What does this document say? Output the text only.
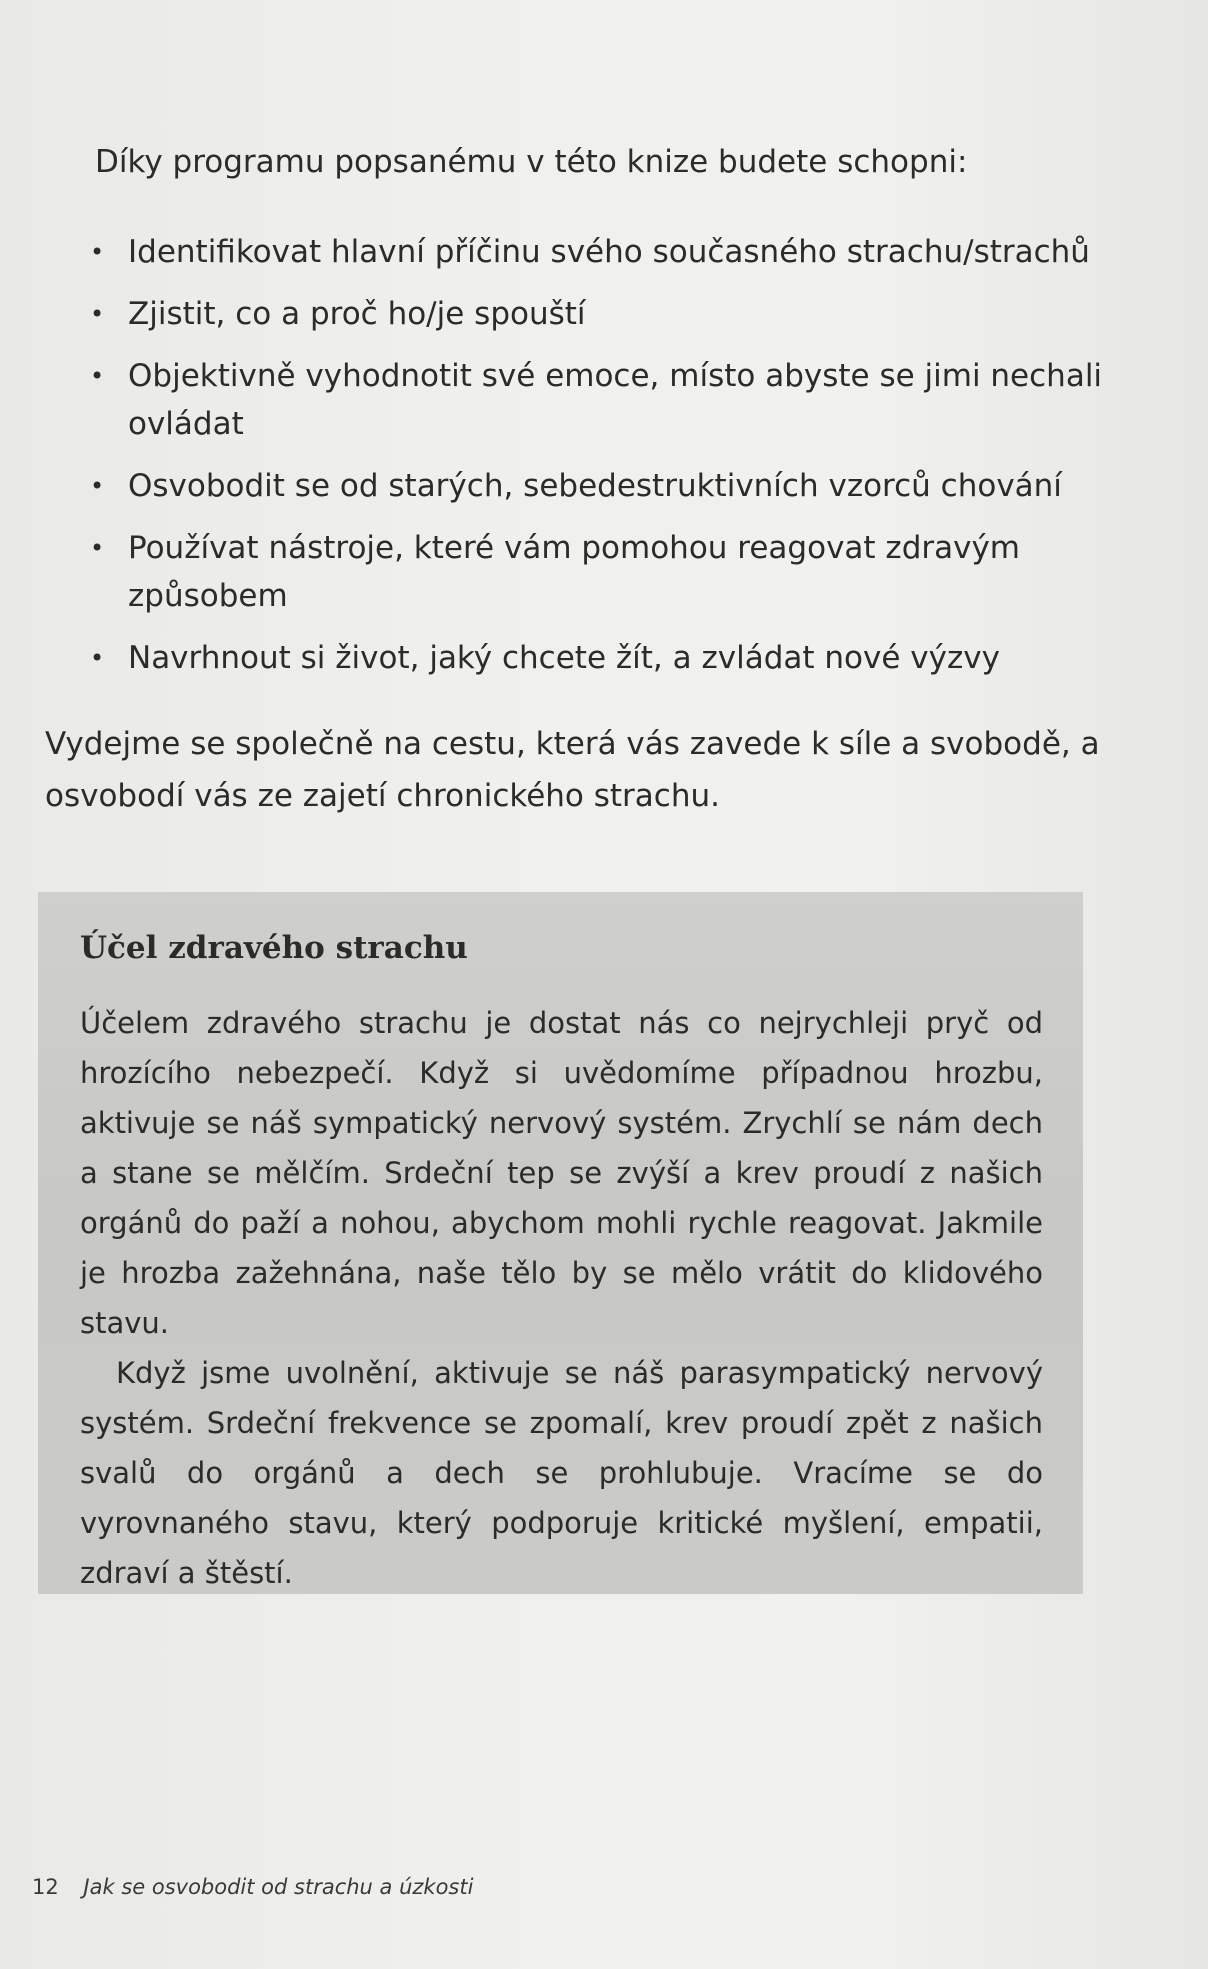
Díky programu popsanému v této knize budete schopni:
• Identifikovat hlavní příčinu svého současného strachu/strachů
• Zjistit, co a proč ho/je spouští
• Objektivně vyhodnotit své emoce, místo abyste se jimi nechali ovládat
• Osvobodit se od starých, sebedestruktivních vzorců chování
• Používat nástroje, které vám pomohou reagovat zdravým způsobem
• Navrhnout si život, jaký chcete žít, a zvládat nové výzvy
Vydejme se společně na cestu, která vás zavede k síle a svobodě, a osvobodí vás ze zajetí chronického strachu.
Účel zdravého strachu

Účelem zdravého strachu je dostat nás co nejrychleji pryč od hrozícího nebezpečí. Když si uvědomíme případnou hrozbu, aktivuje se náš sympatický nervový systém. Zrychlí se nám dech a stane se mělčím. Srdeční tep se zvýší a krev proudí z našich orgánů do paží a nohou, abychom mohli rychle reagovat. Jakmile je hrozba zažehnána, naše tělo by se mělo vrátit do klidového stavu.

Když jsme uvolnění, aktivuje se náš parasympatický nervový systém. Srdeční frekvence se zpomalí, krev proudí zpět z našich svalů do orgánů a dech se prohlubuje. Vracíme se do vyrovnaného stavu, který podporuje kritické myšlení, empatii, zdraví a štěstí.

12 Jak se osvobodit od strachu a úzkosti
